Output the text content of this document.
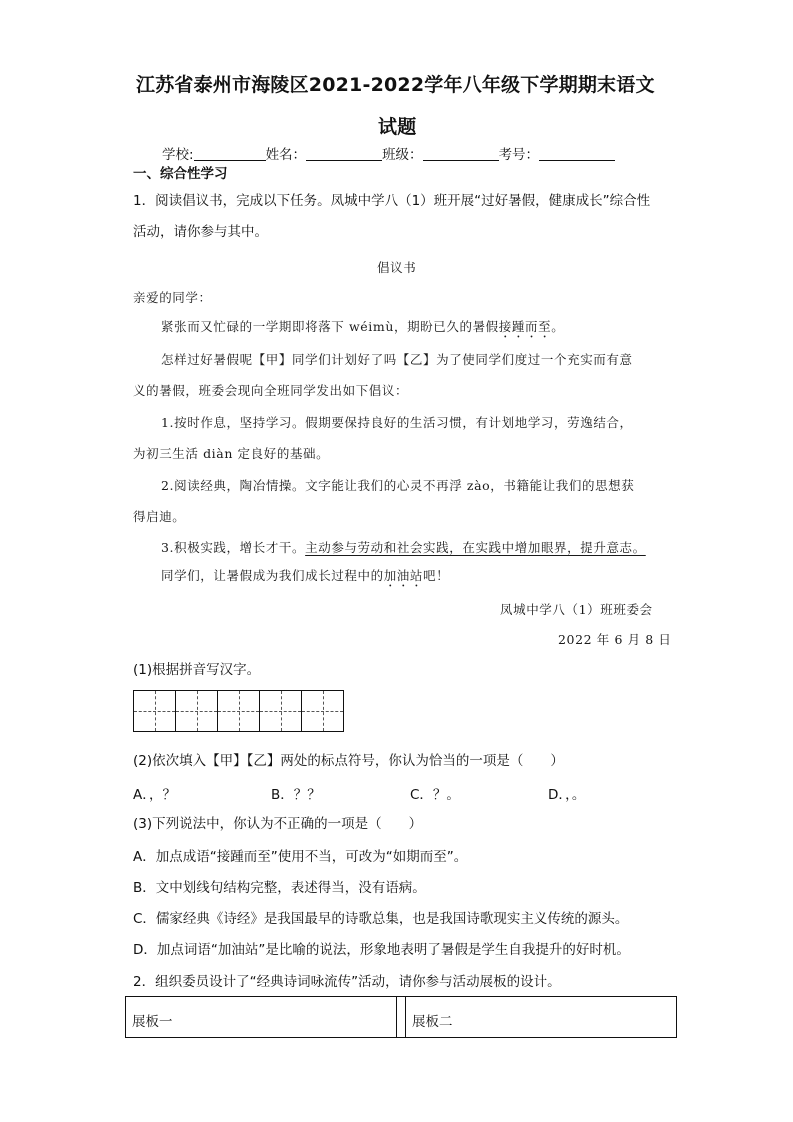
江苏省泰州市海陵区2021-2022学年八年级下学期期末语文
试题
学校:	姓名：	班级：	考号：
一、综合性学习
1．阅读倡议书，完成以下任务。凤城中学八（1）班开展“过好暑假，健康成长”综合性
活动，请你参与其中。
倡议书
亲爱的同学：
紧张而又忙碌的一学期即将落下 wéimù，期盼已久的暑假接踵而至。
怎样过好暑假呢【甲】同学们计划好了吗【乙】为了使同学们度过一个充实而有意
义的暑假，班委会现向全班同学发出如下倡议：
1.按时作息，坚持学习。假期要保持良好的生活习惯，有计划地学习，劳逸结合，
为初三生活 diàn 定良好的基础。
2.阅读经典，陶冶情操。文字能让我们的心灵不再浮 zào，书籍能让我们的思想获
得启迪。
3.积极实践，增长才干。主动参与劳动和社会实践，在实践中增加眼界，提升意志。
同学们，让暑假成为我们成长过程中的加油站吧！
凤城中学八（1）班班委会
2022 年 6 月 8 日
(1)根据拼音写汉字。
(2)依次填入【甲】【乙】两处的标点符号，你认为恰当的一项是（　　）
A．，？	B．？？	C．？。	D．，。
(3)下列说法中，你认为不正确的一项是（　　）
A．加点成语“接踵而至”使用不当，可改为“如期而至”。
B．文中划线句结构完整，表述得当，没有语病。
C．儒家经典《诗经》是我国最早的诗歌总集，也是我国诗歌现实主义传统的源头。
D．加点词语“加油站”是比喻的说法，形象地表明了暑假是学生自我提升的好时机。
2．组织委员设计了“经典诗词咏流传”活动，请你参与活动展板的设计。
展板一	展板二
